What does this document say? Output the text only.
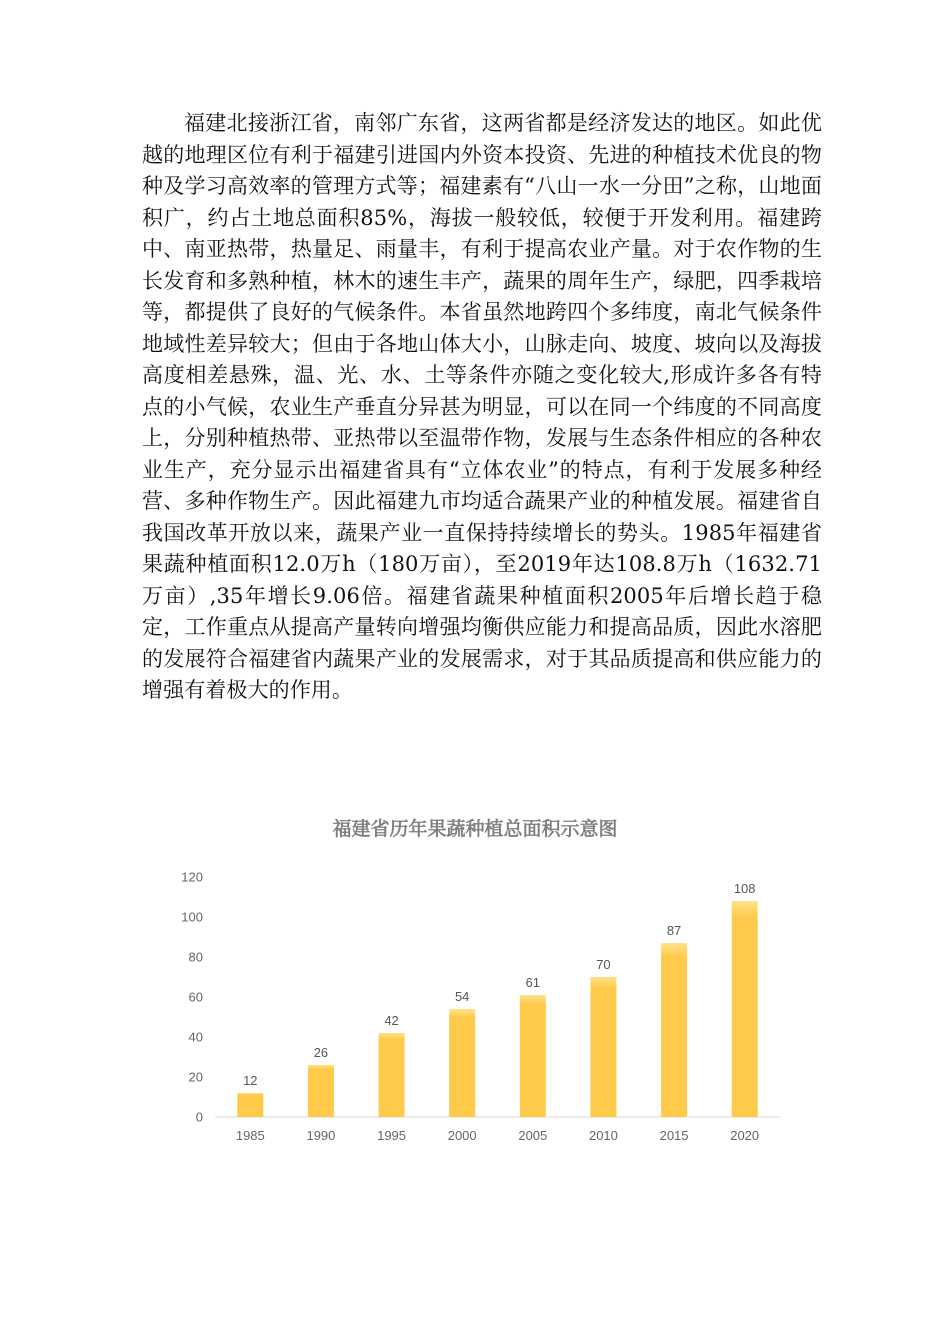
福建北接浙江省，南邻广东省，这两省都是经济发达的地区。如此优越的地理区位有利于福建引进国内外资本投资、先进的种植技术优良的物种及学习高效率的管理方式等；福建素有“八山一水一分田”之称，山地面积广，约占土地总面积85%，海拔一般较低，较便于开发利用。福建跨中、南亚热带，热量足、雨量丰，有利于提高农业产量。对于农作物的生长发育和多熟种植，林木的速生丰产，蔬果的周年生产，绿肥，四季栽培等，都提供了良好的气候条件。本省虽然地跨四个多纬度，南北气候条件地域性差异较大；但由于各地山体大小，山脉走向、坡度、坡向以及海拔高度相差悬殊，温、光、水、土等条件亦随之变化较大,形成许多各有特点的小气候，农业生产垂直分异甚为明显，可以在同一个纬度的不同高度上，分别种植热带、亚热带以至温带作物，发展与生态条件相应的各种农业生产，充分显示出福建省具有“立体农业”的特点，有利于发展多种经营、多种作物生产。因此福建九市均适合蔬果产业的种植发展。福建省自我国改革开放以来，蔬果产业一直保持持续增长的势头。1985年福建省果蔬种植面积12.0万h（180万亩），至2019年达108.8万h（1632.71万亩）,35年增长9.06倍。福建省蔬果种植面积2005年后增长趋于稳定，工作重点从提高产量转向增强均衡供应能力和提高品质，因此水溶肥的发展符合福建省内蔬果产业的发展需求，对于其品质提高和供应能力的增强有着极大的作用。

福建省历年果蔬种植总面积示意图
0
20
40
60
80
100
120
12
1985
26
1990
42
1995
54
2000
61
2005
70
2010
87
2015
108
2020
